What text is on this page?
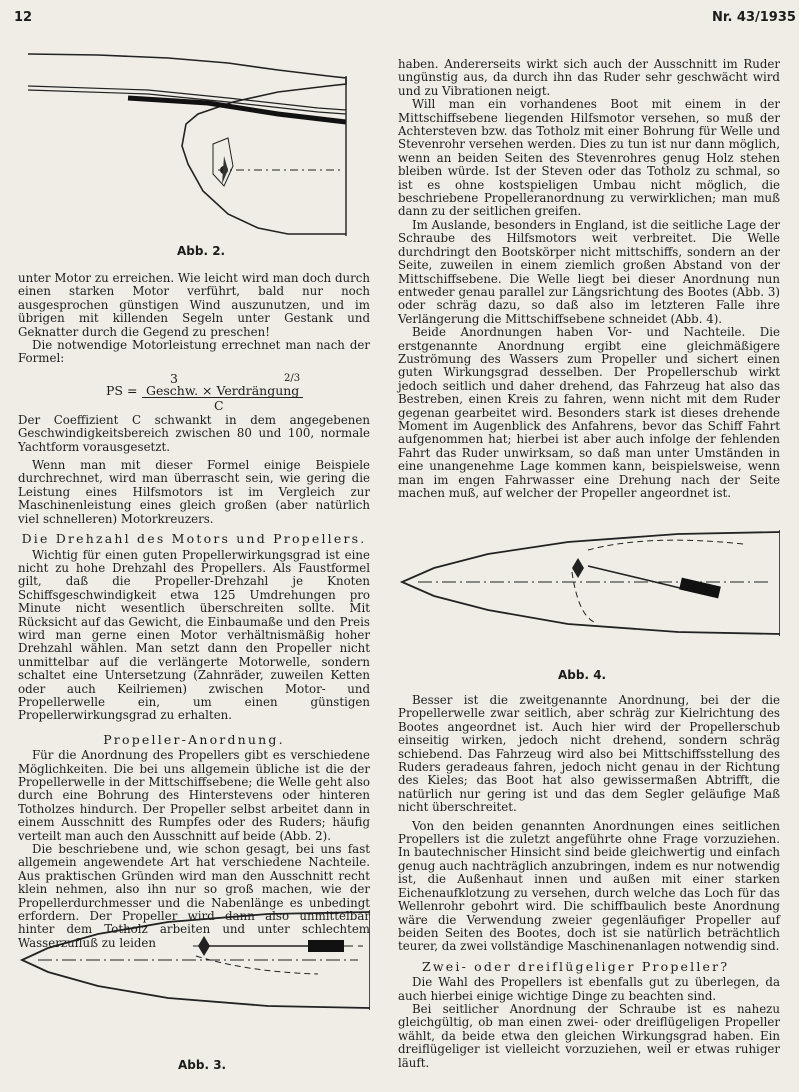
12	Nr. 43/1935
Abb. 2.

unter Motor zu erreichen. Wie leicht wird man doch durch einen starken Motor verführt, bald nur noch ausgesprochen günstigen Wind auszunutzen, und im übrigen mit killenden Segeln unter Gestank und Geknatter durch die Gegend zu preschen!

Die notwendige Motorleistung errechnet man nach der Formel:

3	2/3
PS = Geschw. × Verdrängung
C

Der Coeffizient C schwankt in dem angegebenen Geschwindigkeitsbereich zwischen 80 und 100, normale Yachtform vorausgesetzt.

Wenn man mit dieser Formel einige Beispiele durchrechnet, wird man überrascht sein, wie gering die Leistung eines Hilfsmotors ist im Vergleich zur Maschinenleistung eines gleich großen (aber natürlich viel schnelleren) Motorkreuzers.

Die Drehzahl des Motors und Propellers.

Wichtig für einen guten Propellerwirkungsgrad ist eine nicht zu hohe Drehzahl des Propellers. Als Faustformel gilt, daß die Propeller-Drehzahl je Knoten Schiffsgeschwindigkeit etwa 125 Umdrehungen pro Minute nicht wesentlich überschreiten sollte. Mit Rücksicht auf das Gewicht, die Einbaumaße und den Preis wird man gerne einen Motor verhältnismäßig hoher Drehzahl wählen. Man setzt dann den Propeller nicht unmittelbar auf die verlängerte Motorwelle, sondern schaltet eine Untersetzung (Zahnräder, zuweilen Ketten oder auch Keilriemen) zwischen Motor- und Propellerwelle ein, um einen günstigen Propellerwirkungsgrad zu erhalten.

Propeller-Anordnung.

Für die Anordnung des Propellers gibt es verschiedene Möglichkeiten. Die bei uns allgemein übliche ist die der Propellerwelle in der Mittschiffsebene; die Welle geht also durch eine Bohrung des Hinterstevens oder hinteren Totholzes hindurch. Der Propeller selbst arbeitet dann in einem Ausschnitt des Rumpfes oder des Ruders; häufig verteilt man auch den Ausschnitt auf beide (Abb. 2).

Die beschriebene und, wie schon gesagt, bei uns fast allgemein angewendete Art hat verschiedene Nachteile. Aus praktischen Gründen wird man den Ausschnitt recht klein nehmen, also ihn nur so groß machen, wie der Propellerdurchmesser und die Nabenlänge es unbedingt erfordern. Der Propeller wird dann also unmittelbar hinter dem Totholz arbeiten und unter schlechtem Wasserzufluß zu leiden

Abb. 3.

haben. Andererseits wirkt sich auch der Ausschnitt im Ruder ungünstig aus, da durch ihn das Ruder sehr geschwächt wird und zu Vibrationen neigt.

Will man ein vorhandenes Boot mit einem in der Mittschiffsebene liegenden Hilfsmotor versehen, so muß der Achtersteven bzw. das Totholz mit einer Bohrung für Welle und Stevenrohr versehen werden. Dies zu tun ist nur dann möglich, wenn an beiden Seiten des Stevenrohres genug Holz stehen bleiben würde. Ist der Steven oder das Totholz zu schmal, so ist es ohne kostspieligen Umbau nicht möglich, die beschriebene Propelleranordnung zu verwirklichen; man muß dann zu der seitlichen greifen.

Im Auslande, besonders in England, ist die seitliche Lage der Schraube des Hilfsmotors weit verbreitet. Die Welle durchdringt den Bootskörper nicht mittschiffs, sondern an der Seite, zuweilen in einem ziemlich großen Abstand von der Mittschiffsebene. Die Welle liegt bei dieser Anordnung nun entweder genau parallel zur Längsrichtung des Bootes (Abb. 3) oder schräg dazu, so daß also im letzteren Falle ihre Verlängerung die Mittschiffsebene schneidet (Abb. 4).

Beide Anordnungen haben Vor- und Nachteile. Die erstgenannte Anordnung ergibt eine gleichmäßigere Zuströmung des Wassers zum Propeller und sichert einen guten Wirkungsgrad desselben. Der Propellerschub wirkt jedoch seitlich und daher drehend, das Fahrzeug hat also das Bestreben, einen Kreis zu fahren, wenn nicht mit dem Ruder gegenan gearbeitet wird. Besonders stark ist dieses drehende Moment im Augenblick des Anfahrens, bevor das Schiff Fahrt aufgenommen hat; hierbei ist aber auch infolge der fehlenden Fahrt das Ruder unwirksam, so daß man unter Umständen in eine unangenehme Lage kommen kann, beispielsweise, wenn man im engen Fahrwasser eine Drehung nach der Seite machen muß, auf welcher der Propeller angeordnet ist.

Abb. 4.

Besser ist die zweitgenannte Anordnung, bei der die Propellerwelle zwar seitlich, aber schräg zur Kielrichtung des Bootes angeordnet ist. Auch hier wird der Propellerschub einseitig wirken, jedoch nicht drehend, sondern schräg schiebend. Das Fahrzeug wird also bei Mittschiffsstellung des Ruders geradeaus fahren, jedoch nicht genau in der Richtung des Kieles; das Boot hat also gewissermaßen Abtrifft, die natürlich nur gering ist und das dem Segler geläufige Maß nicht überschreitet.

Von den beiden genannten Anordnungen eines seitlichen Propellers ist die zuletzt angeführte ohne Frage vorzuziehen. In bautechnischer Hinsicht sind beide gleichwertig und einfach genug auch nachträglich anzubringen, indem es nur notwendig ist, die Außenhaut innen und außen mit einer starken Eichenaufklotzung zu versehen, durch welche das Loch für das Wellenrohr gebohrt wird. Die schiffbaulich beste Anordnung wäre die Verwendung zweier gegenläufiger Propeller auf beiden Seiten des Bootes, doch ist sie natürlich beträchtlich teurer, da zwei vollständige Maschinenanlagen notwendig sind.

Zwei- oder dreiflügeliger Propeller?

Die Wahl des Propellers ist ebenfalls gut zu überlegen, da auch hierbei einige wichtige Dinge zu beachten sind.

Bei seitlicher Anordnung der Schraube ist es nahezu gleichgültig, ob man einen zwei- oder dreiflügeligen Propeller wählt, da beide etwa den gleichen Wirkungsgrad haben. Ein dreiflügeliger ist vielleicht vorzuziehen, weil er etwas ruhiger läuft.
